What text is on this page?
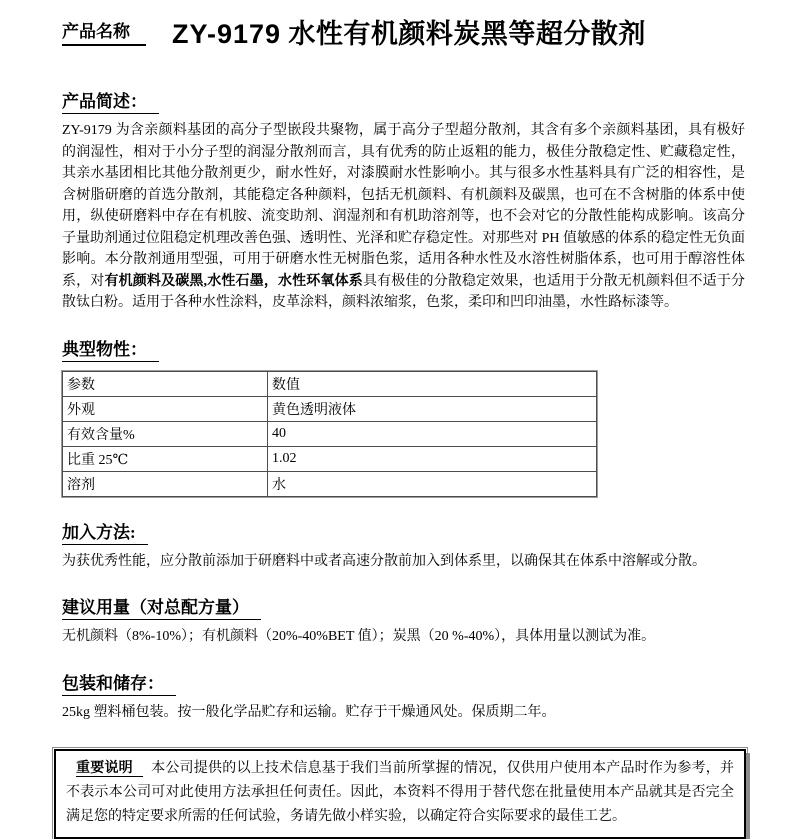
产品名称 ZY-9179 水性有机颜料炭黑等超分散剂
产品简述：

ZY-9179 为含亲颜料基团的高分子型嵌段共聚物，属于高分子型超分散剂，其含有多个亲颜料基团，具有极好的润湿性，相对于小分子型的润湿分散剂而言，具有优秀的防止返粗的能力，极佳分散稳定性、贮藏稳定性，其亲水基团相比其他分散剂更少，耐水性好，对漆膜耐水性影响小。其与很多水性基料具有广泛的相容性，是含树脂研磨的首选分散剂，其能稳定各种颜料，包括无机颜料、有机颜料及碳黑，也可在不含树脂的体系中使用，纵使研磨料中存在有机胺、流变助剂、润湿剂和有机助溶剂等，也不会对它的分散性能构成影响。该高分子量助剂通过位阻稳定机理改善色强、透明性、光泽和贮存稳定性。对那些对 PH 值敏感的体系的稳定性无负面影响。本分散剂通用型强，可用于研磨水性无树脂色浆，适用各种水性及水溶性树脂体系，也可用于醇溶性体系，对有机颜料及碳黑,水性石墨，水性环氧体系具有极佳的分散稳定效果，也适用于分散无机颜料但不适于分散钛白粉。适用于各种水性涂料，皮革涂料，颜料浓缩浆，色浆，柔印和凹印油墨，水性路标漆等。

典型物性：
参数	数值
外观	黄色透明液体
有效含量%	40
比重 25℃	1.02
溶剂	水
加入方法:

为获优秀性能，应分散前添加于研磨料中或者高速分散前加入到体系里，以确保其在体系中溶解或分散。

建议用量（对总配方量）

无机颜料（8%-10%）；有机颜料（20%-40%BET 值）；炭黑（20 %-40%），具体用量以测试为准。

包装和储存：

25kg 塑料桶包装。按一般化学品贮存和运输。贮存于干燥通风处。保质期二年。

重要说明 本公司提供的以上技术信息基于我们当前所掌握的情况，仅供用户使用本产品时作为参考，并不表示本公司可对此使用方法承担任何责任。因此，本资料不得用于替代您在批量使用本产品就其是否完全满足您的特定要求所需的任何试验，务请先做小样实验，以确定符合实际要求的最佳工艺。
